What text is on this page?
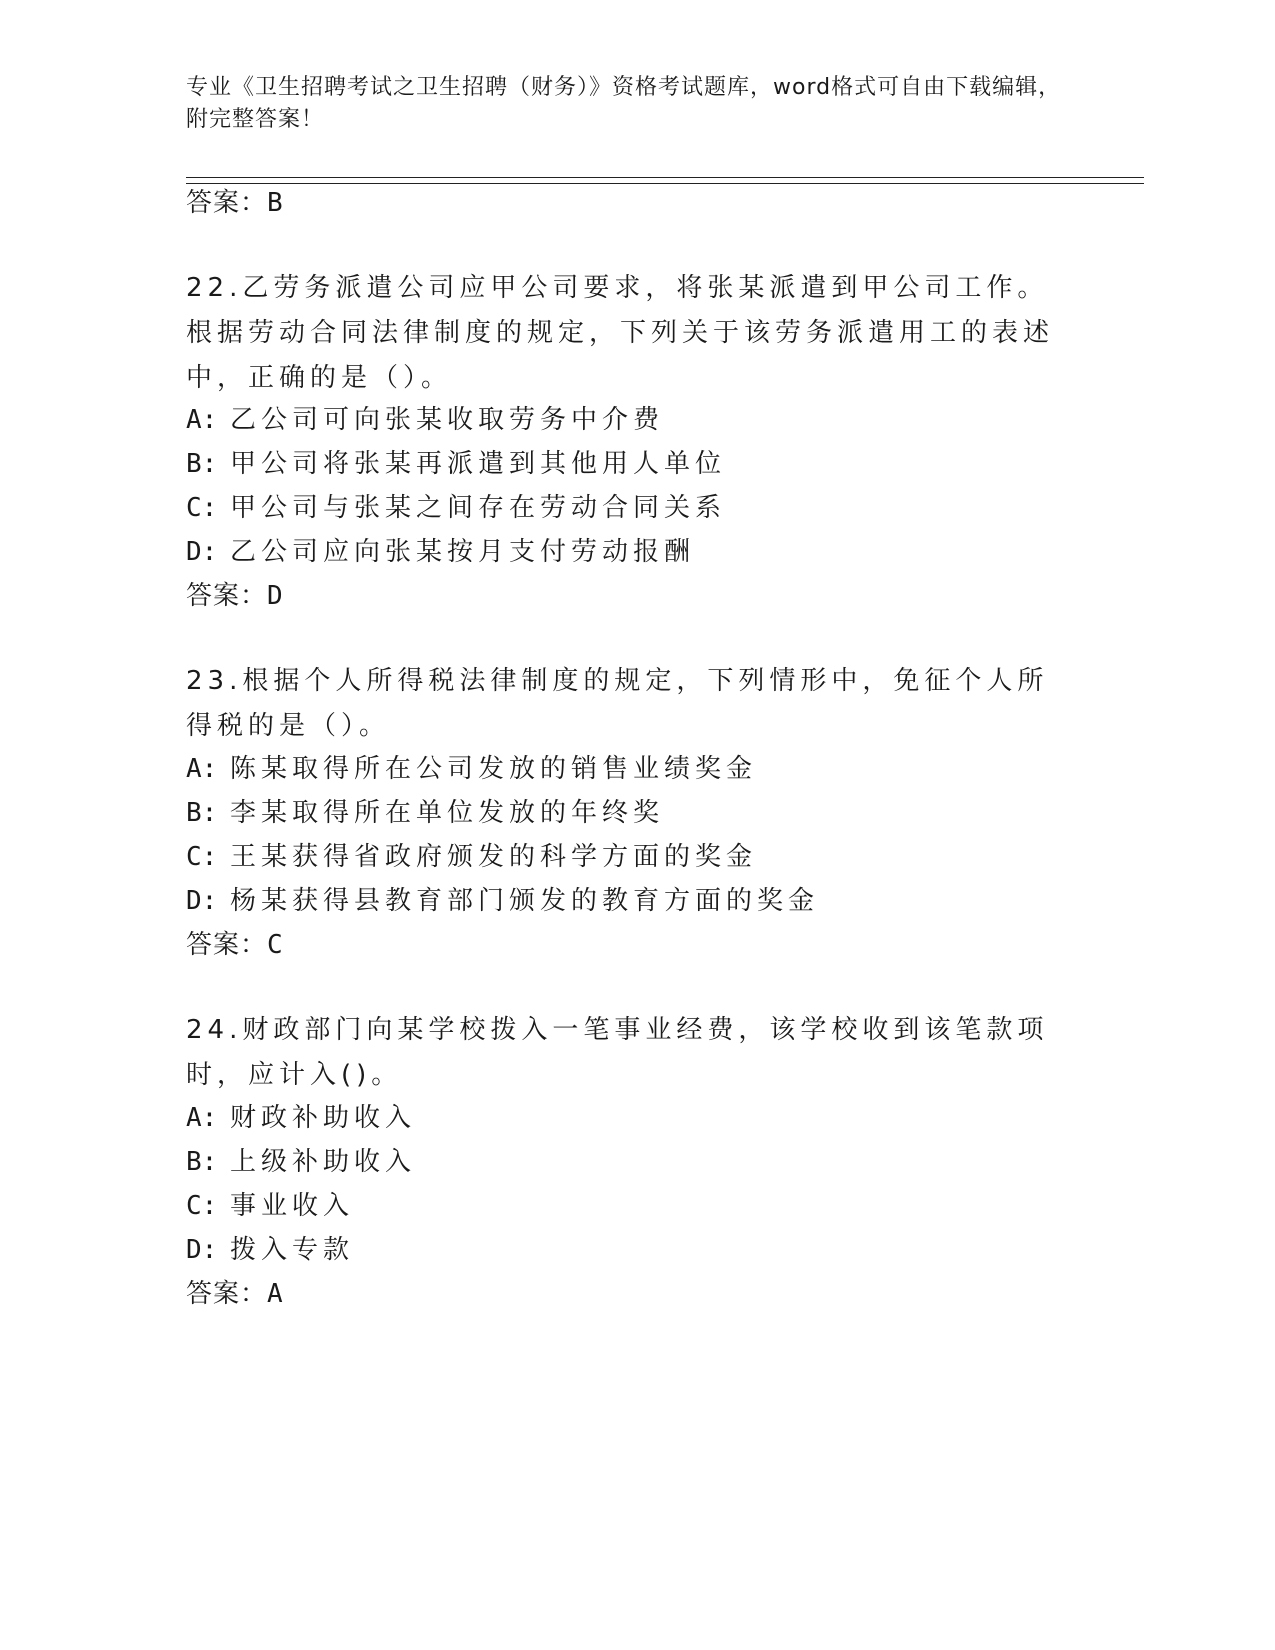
专业《卫生招聘考试之卫生招聘（财务）》资格考试题库，word格式可自由下载编辑，附完整答案！
答案：B
22.乙劳务派遣公司应甲公司要求，将张某派遣到甲公司工作。根据劳动合同法律制度的规定，下列关于该劳务派遣用工的表述中，正确的是（）。
A: 乙公司可向张某收取劳务中介费
B: 甲公司将张某再派遣到其他用人单位
C: 甲公司与张某之间存在劳动合同关系
D: 乙公司应向张某按月支付劳动报酬
答案：D
23.根据个人所得税法律制度的规定，下列情形中，免征个人所得税的是（）。
A: 陈某取得所在公司发放的销售业绩奖金
B: 李某取得所在单位发放的年终奖
C: 王某获得省政府颁发的科学方面的奖金
D: 杨某获得县教育部门颁发的教育方面的奖金
答案：C
24.财政部门向某学校拨入一笔事业经费，该学校收到该笔款项时，应计入()。
A: 财政补助收入
B: 上级补助收入
C: 事业收入
D: 拨入专款
答案：A
